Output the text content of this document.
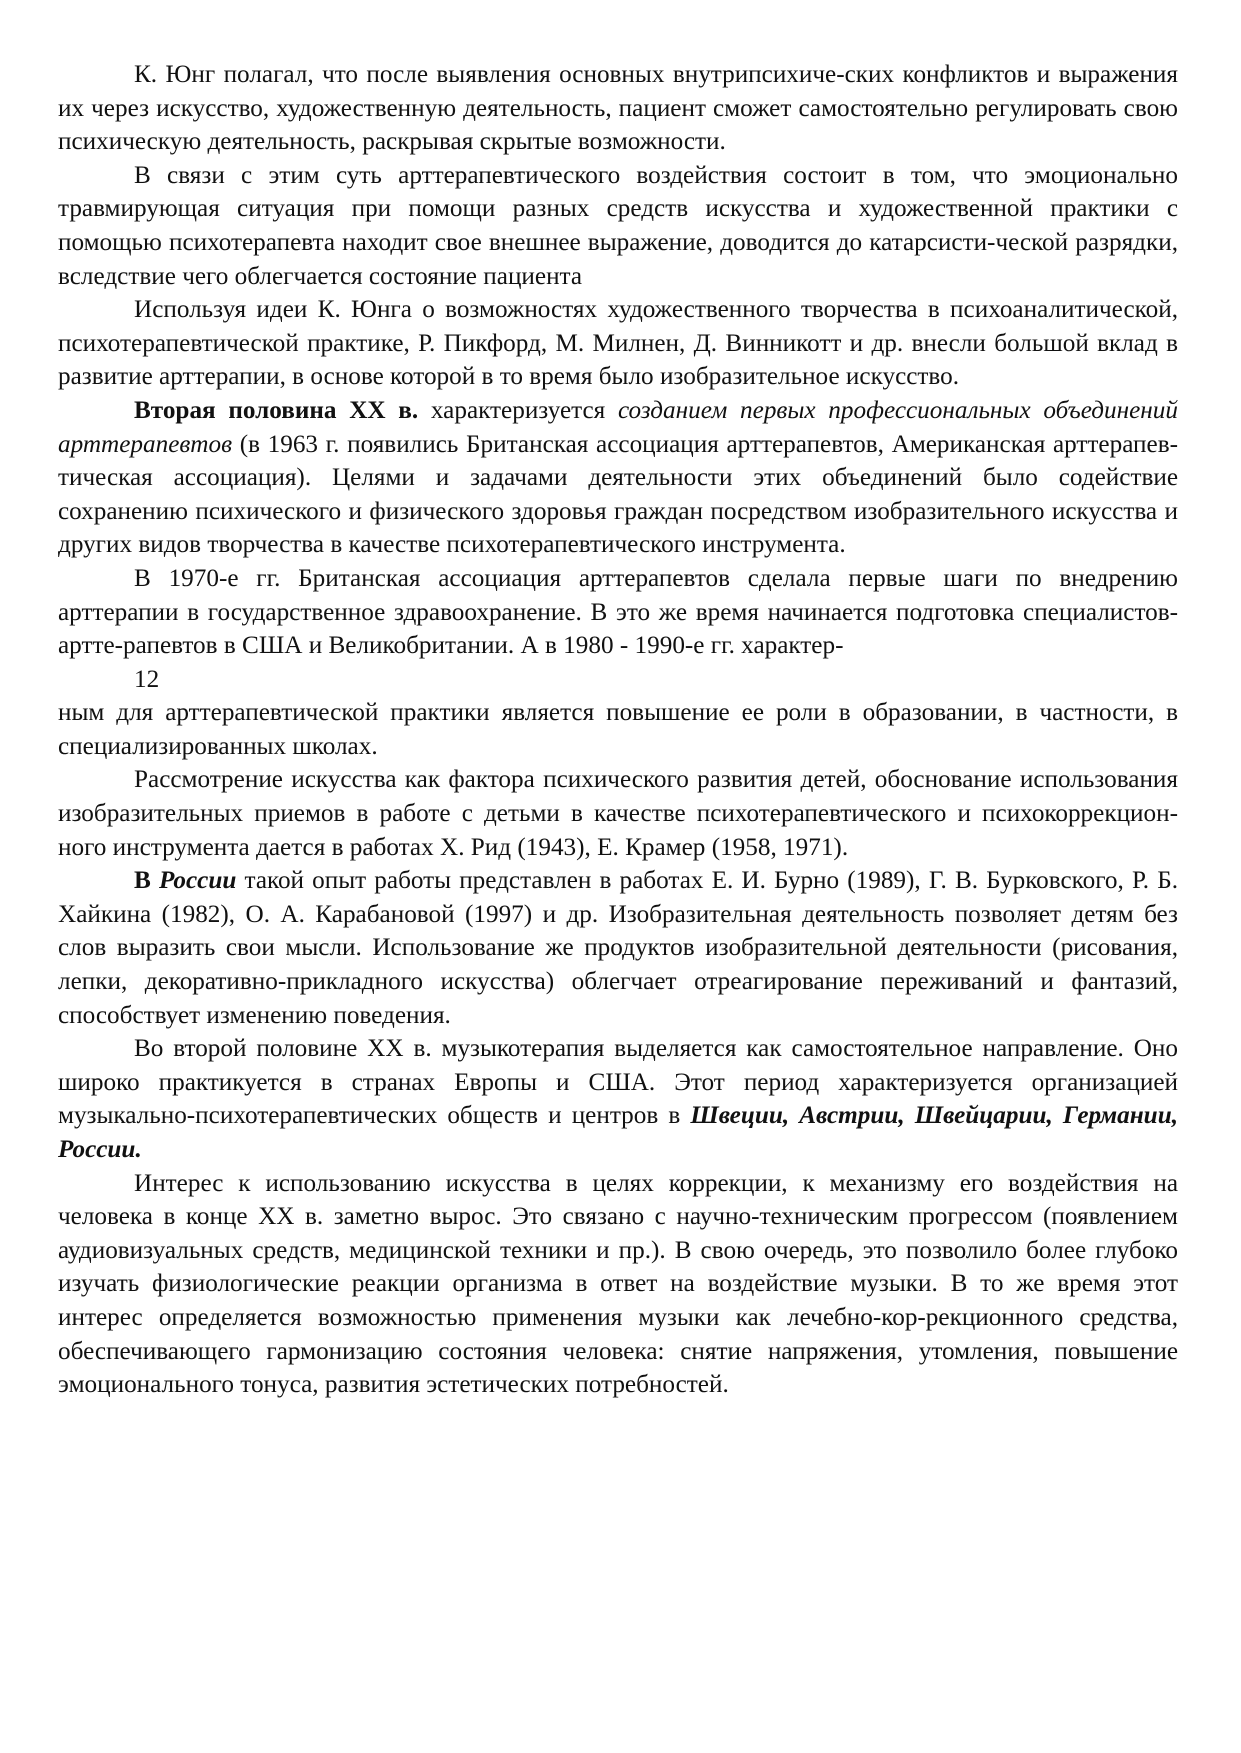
К. Юнг полагал, что после выявления основных внутрипсихиче-ских конфликтов и выражения их через искусство, художественную деятельность, пациент сможет самостоятельно регулировать свою психическую деятельность, раскрывая скрытые возможности.

В связи с этим суть арттерапевтического воздействия состоит в том, что эмоционально травмирующая ситуация при помощи разных средств искусства и художественной практики с помощью психотерапевта находит свое внешнее выражение, доводится до катарсисти-ческой разрядки, вследствие чего облегчается состояние пациента

Используя идеи К. Юнга о возможностях художественного творчества в психоаналитической, психотерапевтической практике, Р. Пикфорд, М. Милнен, Д. Винникотт и др. внесли большой вклад в развитие арттерапии, в основе которой в то время было изобразительное искусство.

Вторая половина XX в. характеризуется созданием первых профессиональных объединений арттерапевтов (в 1963 г. появились Британская ассоциация арттерапевтов, Американская арттерапев-тическая ассоциация). Целями и задачами деятельности этих объединений было содействие сохранению психического и физического здоровья граждан посредством изобразительного искусства и других видов творчества в качестве психотерапевтического инструмента.

В 1970-е гг. Британская ассоциация арттерапевтов сделала первые шаги по внедрению арттерапии в государственное здравоохранение. В это же время начинается подготовка специалистов-артте-рапевтов в США и Великобритании. А в 1980 - 1990-е гг. характер-

12

ным для арттерапевтической практики является повышение ее роли в образовании, в частности, в специализированных школах.

Рассмотрение искусства как фактора психического развития детей, обоснование использования изобразительных приемов в работе с детьми в качестве психотерапевтического и психокоррекцион-ного инструмента дается в работах X. Рид (1943), Е. Крамер (1958, 1971).

В России такой опыт работы представлен в работах Е. И. Бурно (1989), Г. В. Бурковского, Р. Б. Хайкина (1982), О. А. Карабановой (1997) и др. Изобразительная деятельность позволяет детям без слов выразить свои мысли. Использование же продуктов изобразительной деятельности (рисования, лепки, декоративно-прикладного искусства) облегчает отреагирование переживаний и фантазий, способствует изменению поведения.

Во второй половине XX в. музыкотерапия выделяется как самостоятельное направление. Оно широко практикуется в странах Европы и США. Этот период характеризуется организацией музыкально-психотерапевтических обществ и центров в Швеции, Австрии, Швейцарии, Германии, России.

Интерес к использованию искусства в целях коррекции, к механизму его воздействия на человека в конце XX в. заметно вырос. Это связано с научно-техническим прогрессом (появлением аудиовизуальных средств, медицинской техники и пр.). В свою очередь, это позволило более глубоко изучать физиологические реакции организма в ответ на воздействие музыки. В то же время этот интерес определяется возможностью применения музыки как лечебно-кор-рекционного средства, обеспечивающего гармонизацию состояния человека: снятие напряжения, утомления, повышение эмоционального тонуса, развития эстетических потребностей.
